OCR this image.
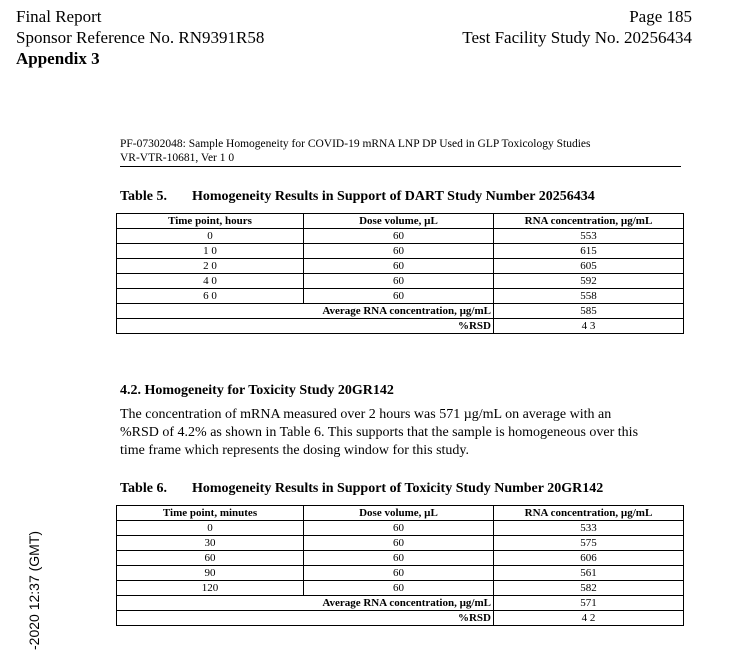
Final Report
Sponsor Reference No. RN9391R58
Appendix 3
Page 185
Test Facility Study No. 20256434
PF-07302048: Sample Homogeneity for COVID-19 mRNA LNP DP Used in GLP Toxicology Studies
VR-VTR-10681, Ver 1 0
Table 5. Homogeneity Results in Support of DART Study Number 20256434
Time point, hours	Dose volume, µL	RNA concentration, µg/mL
0	60	553
1 0	60	615
2 0	60	605
4 0	60	592
6 0	60	558
	Average RNA concentration, µg/mL	585
	%RSD	4 3
4.2. Homogeneity for Toxicity Study 20GR142
The concentration of mRNA measured over 2 hours was 571 µg/mL on average with an
%RSD of 4.2% as shown in Table 6. This supports that the sample is homogeneous over this
time frame which represents the dosing window for this study.
Table 6. Homogeneity Results in Support of Toxicity Study Number 20GR142
Time point, minutes	Dose volume, µL	RNA concentration, µg/mL
0	60	533
30	60	575
60	60	606
90	60	561
120	60	582
	Average RNA concentration, µg/mL	571
	%RSD	4 2
-2020 12:37 (GMT)
